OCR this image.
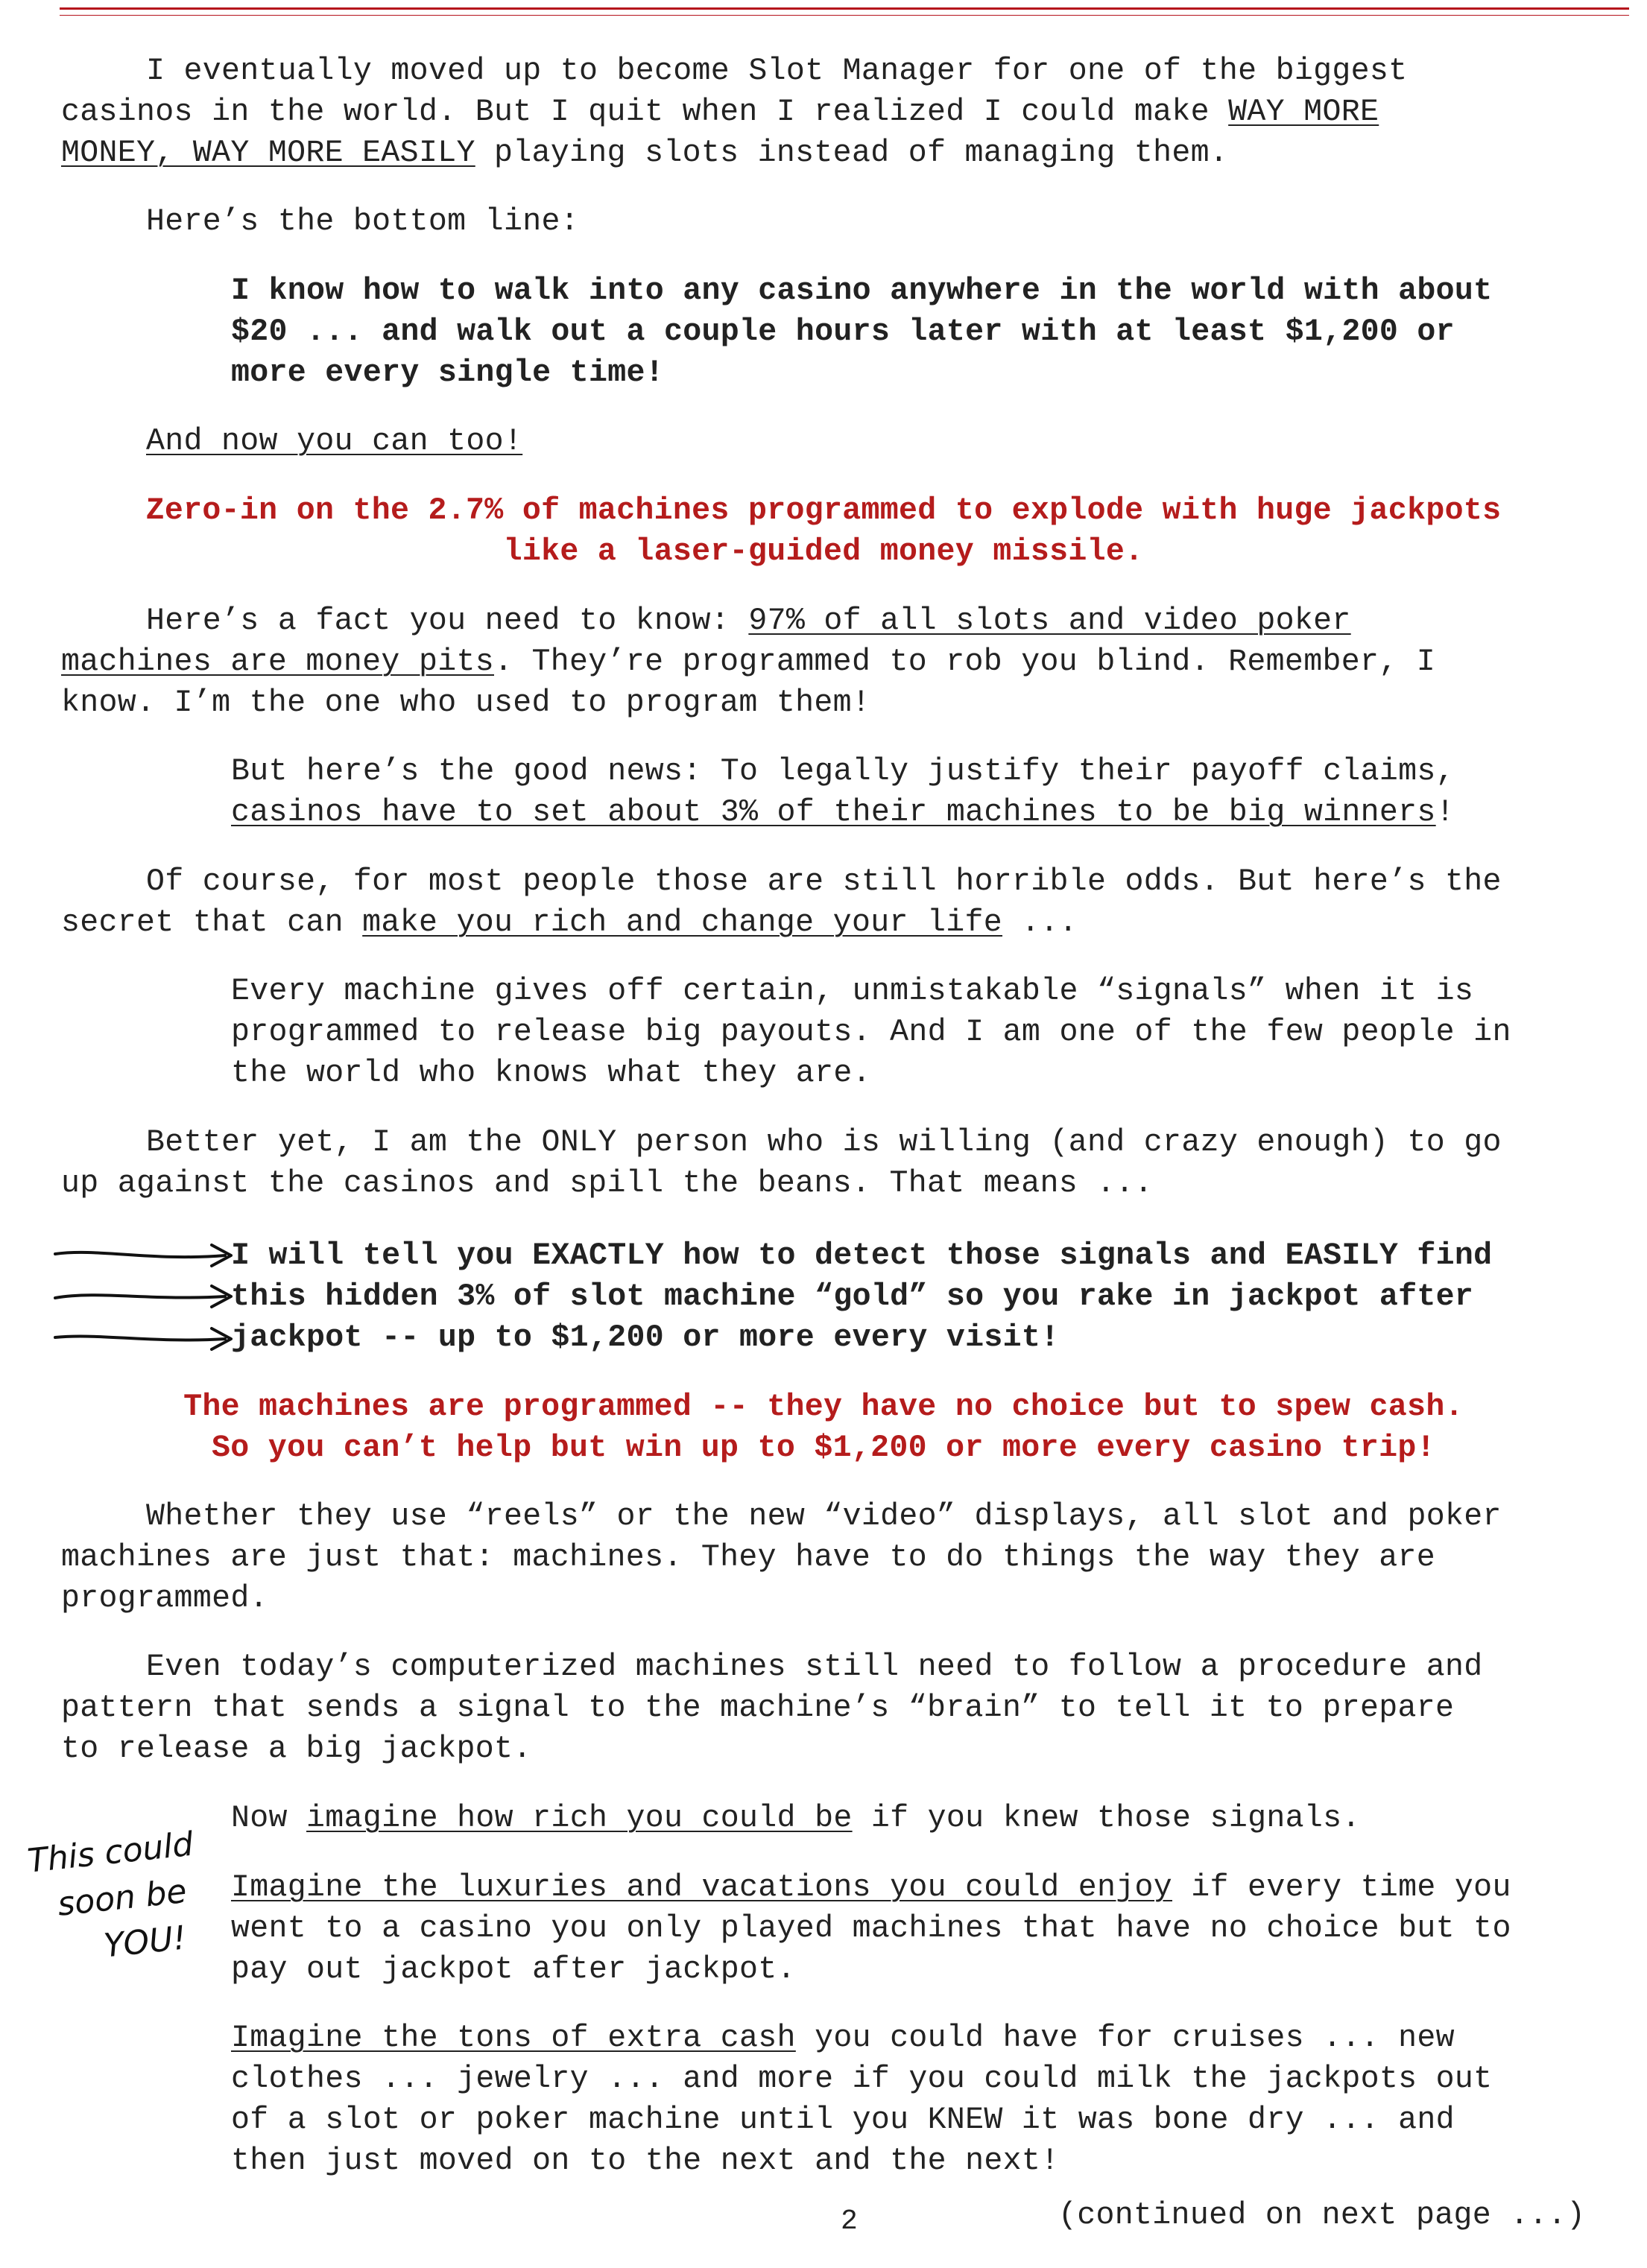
I eventually moved up to become Slot Manager for one of the biggest
casinos in the world. But I quit when I realized I could make WAY MORE
MONEY, WAY MORE EASILY playing slots instead of managing them.
Here’s the bottom line:
I know how to walk into any casino anywhere in the world with about
$20 ... and walk out a couple hours later with at least $1,200 or
more every single time!
And now you can too!
Zero-in on the 2.7% of machines programmed to explode with huge jackpots
like a laser-guided money missile.
Here’s a fact you need to know: 97% of all slots and video poker
machines are money pits. They’re programmed to rob you blind. Remember, I
know. I’m the one who used to program them!
But here’s the good news: To legally justify their payoff claims,
casinos have to set about 3% of their machines to be big winners!
Of course, for most people those are still horrible odds. But here’s the
secret that can make you rich and change your life ...
Every machine gives off certain, unmistakable “signals” when it is
programmed to release big payouts. And I am one of the few people in
the world who knows what they are.
Better yet, I am the ONLY person who is willing (and crazy enough) to go
up against the casinos and spill the beans. That means ...
I will tell you EXACTLY how to detect those signals and EASILY find
this hidden 3% of slot machine “gold” so you rake in jackpot after
jackpot -- up to $1,200 or more every visit!
The machines are programmed -- they have no choice but to spew cash.
So you can’t help but win up to $1,200 or more every casino trip!
Whether they use “reels” or the new “video” displays, all slot and poker
machines are just that: machines. They have to do things the way they are
programmed.
Even today’s computerized machines still need to follow a procedure and
pattern that sends a signal to the machine’s “brain” to tell it to prepare
to release a big jackpot.
Now imagine how rich you could be if you knew those signals.
This could
soon be
YOU!
Imagine the luxuries and vacations you could enjoy if every time you
went to a casino you only played machines that have no choice but to
pay out jackpot after jackpot.
Imagine the tons of extra cash you could have for cruises ... new
clothes ... jewelry ... and more if you could milk the jackpots out
of a slot or poker machine until you KNEW it was bone dry ... and
then just moved on to the next and the next!
(continued on next page ...)
2
